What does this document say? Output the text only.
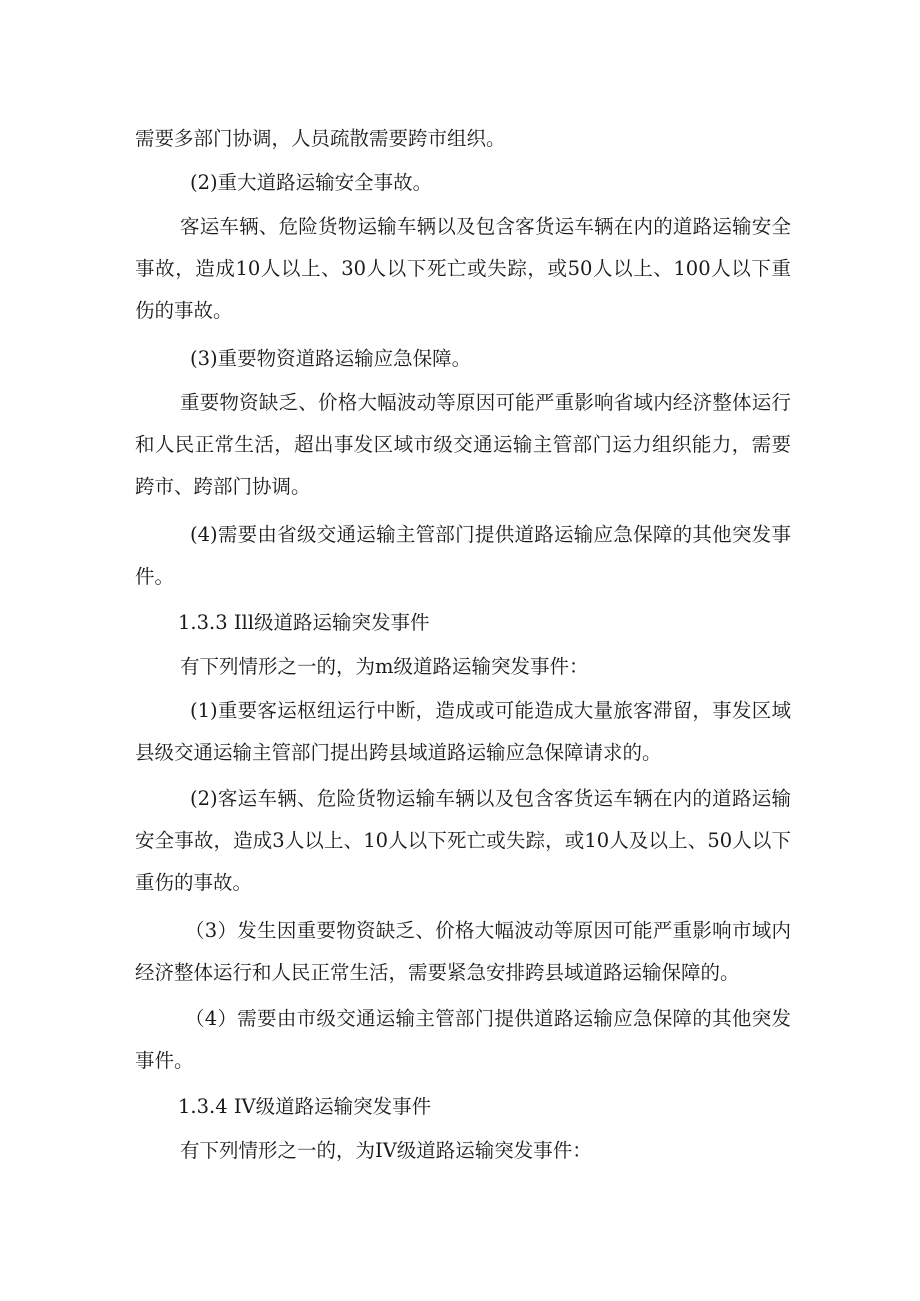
需要多部门协调，人员疏散需要跨市组织。

(2)重大道路运输安全事故。

客运车辆、危险货物运输车辆以及包含客货运车辆在内的道路运输安全事故，造成10人以上、30人以下死亡或失踪，或50人以上、100人以下重伤的事故。

(3)重要物资道路运输应急保障。

重要物资缺乏、价格大幅波动等原因可能严重影响省域内经济整体运行和人民正常生活，超出事发区域市级交通运输主管部门运力组织能力，需要跨市、跨部门协调。

(4)需要由省级交通运输主管部门提供道路运输应急保障的其他突发事件。

1.3.3 Ill级道路运输突发事件

有下列情形之一的，为m级道路运输突发事件：

(1)重要客运枢纽运行中断，造成或可能造成大量旅客滞留，事发区域县级交通运输主管部门提出跨县域道路运输应急保障请求的。

(2)客运车辆、危险货物运输车辆以及包含客货运车辆在内的道路运输安全事故，造成3人以上、10人以下死亡或失踪，或10人及以上、50人以下重伤的事故。

（3）发生因重要物资缺乏、价格大幅波动等原因可能严重影响市域内经济整体运行和人民正常生活，需要紧急安排跨县域道路运输保障的。

（4）需要由市级交通运输主管部门提供道路运输应急保障的其他突发事件。

1.3.4 IV级道路运输突发事件

有下列情形之一的，为IV级道路运输突发事件：
